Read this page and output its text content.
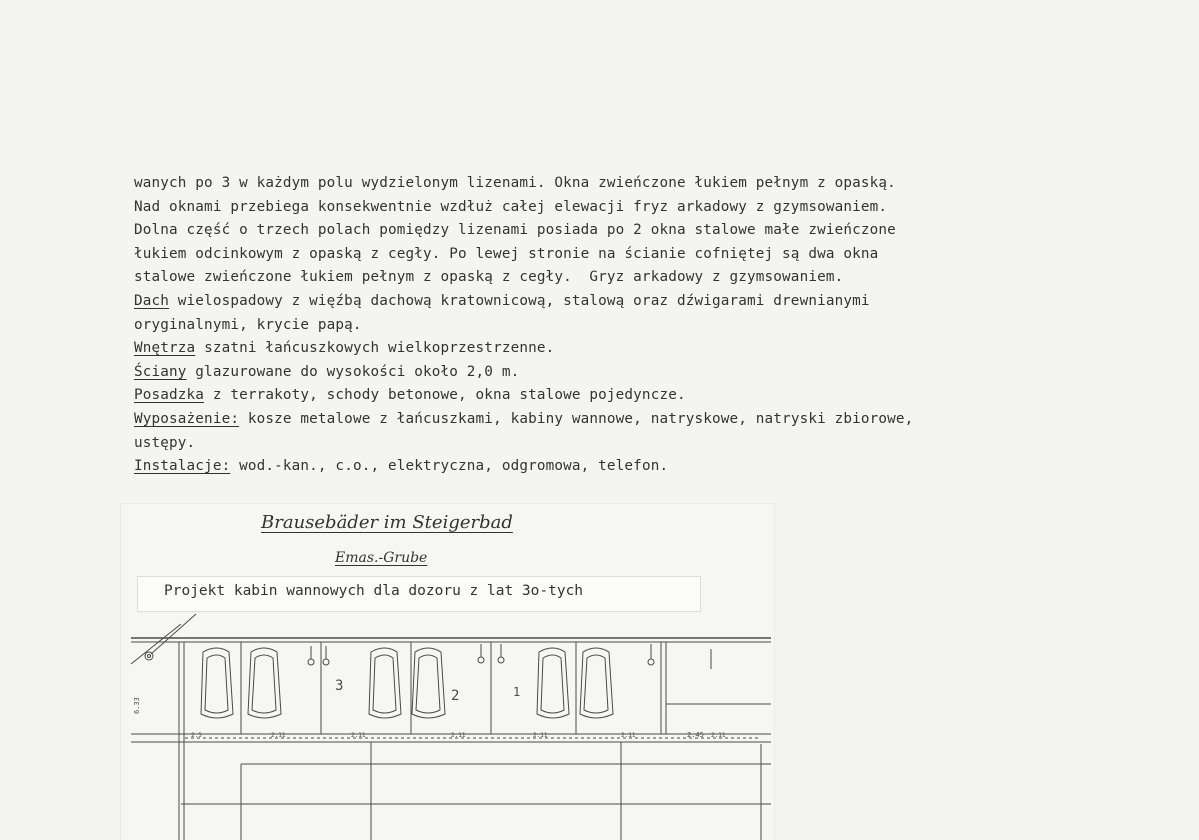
wanych po 3 w każdym polu wydzielonym lizenami. Okna zwieńczone łukiem pełnym z opaską.
Nad oknami przebiega konsekwentnie wzdłuż całej elewacji fryz arkadowy z gzymsowaniem.
Dolna część o trzech polach pomiędzy lizenami posiada po 2 okna stalowe małe zwieńczone
łukiem odcinkowym z opaską z cegły. Po lewej stronie na ścianie cofniętej są dwa okna
stalowe zwieńczone łukiem pełnym z opaską z cegły.  Gryz arkadowy z gzymsowaniem.
Dach wielospadowy z więźbą dachową kratownicową, stalową oraz dźwigarami drewnianymi
oryginalnymi, krycie papą.
Wnętrza szatni łańcuszkowych wielkoprzestrzenne.
Ściany glazurowane do wysokości około 2,0 m.
Posadzka z terrakoty, schody betonowe, okna stalowe pojedyncze.
Wyposażenie: kosze metalowe z łańcuszkami, kabiny wannowe, natryskowe, natryski zbiorowe,
ustępy.
Instalacje: wod.-kan., c.o., elektryczna, odgromowa, telefon.
Brausebäder im Steigerbad
Emas.-Grube
Projekt kabin wannowych dla dozoru z lat 3o-tych
3
2	1
2.5	2.11	2.11	2.11	2.11	2.11	2.11
2.45
6.33
